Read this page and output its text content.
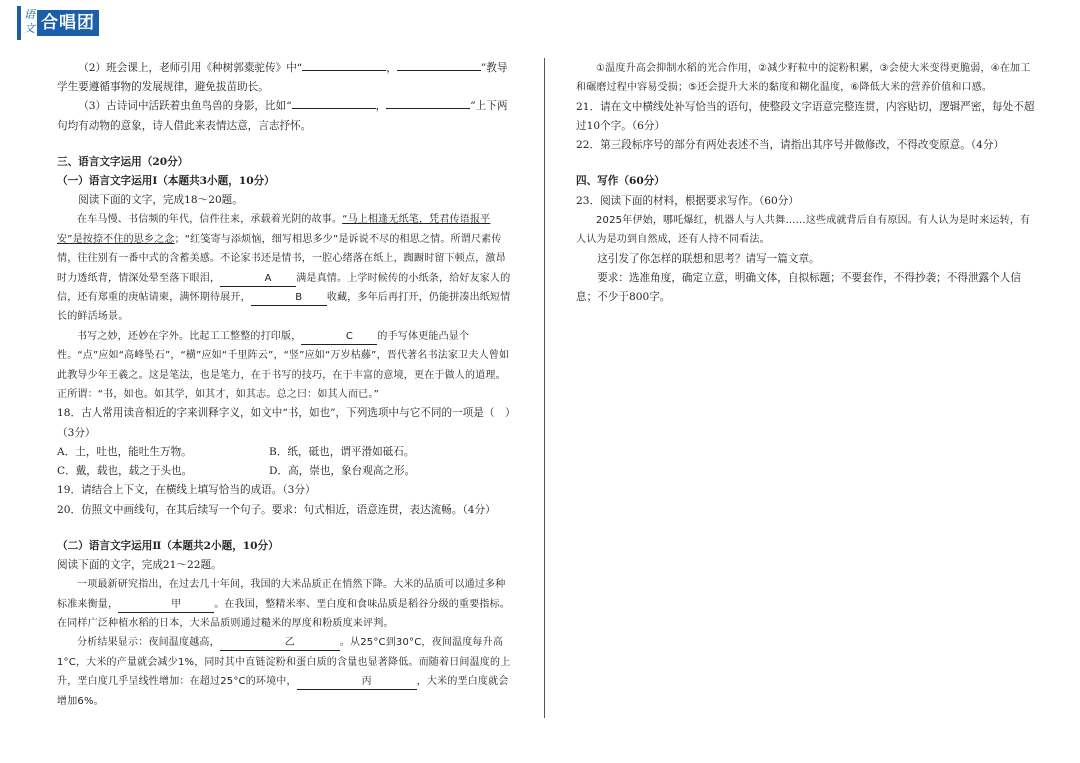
语文 合唱团

（2）班会课上，老师引用《种树郭橐驼传》中“	，	”教导学生要遵循事物的发展规律，避免拔苗助长。

（3）古诗词中活跃着虫鱼鸟兽的身影，比如“	，	”上下两句均有动物的意象，诗人借此来表情达意，言志抒怀。

三、语言文字运用（20分）

（一）语言文字运用Ⅰ（本题共3小题，10分）

阅读下面的文字，完成18～20题。

在车马慢、书信频的年代，信件往来，承载着光阴的故事。“马上相逢无纸笔，凭君传语报平安”是按捺不住的思乡之念；“红笺寄与添烦恼，细写相思多少”是诉说不尽的相思之情。所谓尺素传情，往往别有一番中式的含蓄美感。不论家书还是情书，一腔心绪落在纸上，踟蹰时留下顿点，激昂时力透纸背，情深处晕至落下眼泪，	A 满是真情。上学时候传的小纸条，给好友家人的信，还有郑重的庚帖请柬，满怀期待展开，	B 收藏，多年后再打开，仍能拼凑出纸短情长的鲜活场景。

书写之妙，还妙在字外。比起工工整整的打印版，	C 的手写体更能凸显个性。“点”应如“高峰坠石”，“横”应如“千里阵云”，“竖”应如“万岁枯藤”，晋代著名书法家卫夫人曾如此教导少年王羲之。这是笔法，也是笔力，在于书写的技巧，在于丰富的意境，更在于做人的道理。正所谓：“书，如也。如其学，如其才，如其志。总之曰：如其人而已。”

18．古人常用读音相近的字来训释字义，如文中“书，如也”，下列选项中与它不同的一项是（　）（3分）

A．土，吐也，能吐生万物。	B．纸，砥也，谓平滑如砥石。
C．戴，载也，载之于头也。	D．高，崇也，象台观高之形。

19．请结合上下文，在横线上填写恰当的成语。（3分）

20．仿照文中画线句，在其后续写一个句子。要求：句式相近，语意连贯，表达流畅。（4分）

（二）语言文字运用Ⅱ（本题共2小题，10分）

阅读下面的文字，完成21～22题。

一项最新研究指出，在过去几十年间，我国的大米品质正在悄然下降。大米的品质可以通过多种标准来衡量，	甲	。在我国，整精米率、垩白度和食味品质是稻谷分级的重要指标。在同样广泛种植水稻的日本，大米品质则通过糙米的厚度和粉质度来评判。

分析结果显示：夜间温度越高，	乙	。从25°C到30°C，夜间温度每升高1°C，大米的产量就会减少1%，同时其中直链淀粉和蛋白质的含量也显著降低。而随着日间温度的上升，垩白度几乎呈线性增加：在超过25°C的环境中，	丙	，大米的垩白度就会增加6%。

①温度升高会抑制水稻的光合作用，②减少籽粒中的淀粉积累，③会使大米变得更脆弱，④在加工和碾磨过程中容易受损；⑤还会提升大米的黏度和糊化温度，⑥降低大米的营养价值和口感。

21．请在文中横线处补写恰当的语句，使整段文字语意完整连贯，内容贴切，逻辑严密，每处不超过10个字。（6分）

22．第三段标序号的部分有两处表述不当，请指出其序号并做修改，不得改变原意。（4分）

四、写作（60分）

23．阅读下面的材料，根据要求写作。（60分）

2025年伊始，哪吒爆红，机器人与人共舞……这些成就背后自有原因。有人认为是时来运转，有人认为是功到自然成，还有人持不同看法。

这引发了你怎样的联想和思考？请写一篇文章。

要求：选准角度，确定立意，明确文体，自拟标题；不要套作，不得抄袭；不得泄露个人信息；不少于800字。
